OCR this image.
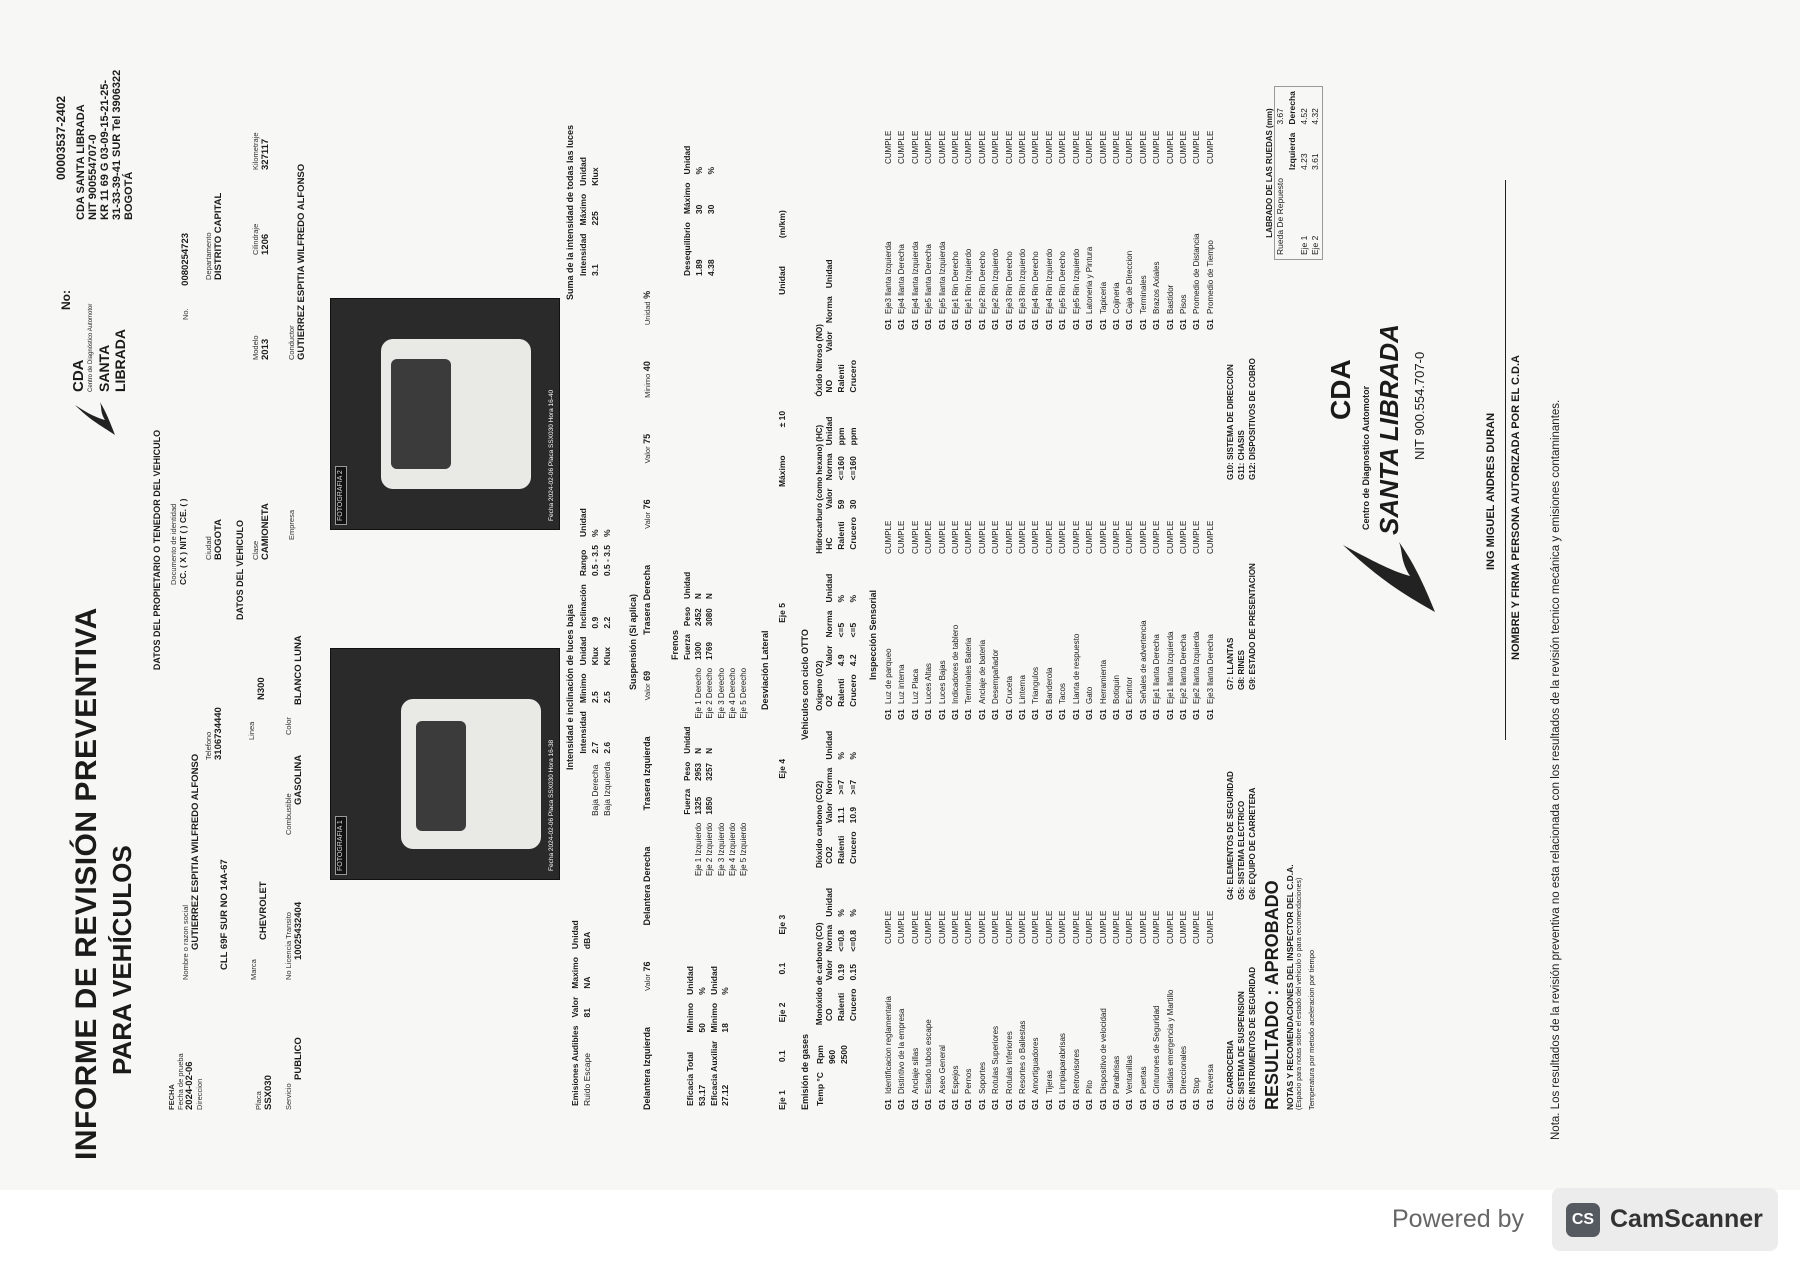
INFORME DE REVISIÓN PREVENTIVA PARA VEHÍCULOS
CDA Centro de Diagnóstico Automotor SANTA LIBRADA
No:
00003537-2402 CDA SANTA LIBRADA NIT 900554707-0 KR 11 69 G 03-09-15-21-25- 31-33-39-41 SUR Tel 3906322 BOGOTÁ
DATOS DEL PROPIETARIO O TENEDOR DEL VEHICULO
FECHA Fecha de prueba 2024-02-06 Direccion
Nombre o razon social GUTIERREZ ESPITIA WILFREDO ALFONSO CLL 69F SUR NO 14A-67
Telefono 3106734440
Documento de identidad CC. ( X ) NIT ( ) CE. ( ) Ciudad BOGOTA
No. 0080254723 Departamento DISTRITO CAPITAL
DATOS DEL VEHICULO
Placa SSX030
Marca
CHEVROLET
Linea
N300
Clase CAMIONETA
Modelo 2013
Cilindraje 1206
Kilometraje 327117
Servicio
PUBLICO
No Licencia Transito 10025432404
Combustible
GASOLINA
Color
BLANCO LUNA
Empresa
Conductor GUTIERREZ ESPITIA WILFREDO ALFONSO
FOTOGRAFIA 1	Fecha 2024-02-06 Placa SSX030 Hora 16-38
FOTOGRAFIA 2	Fecha 2024-02-06 Placa SSX030 Hora 16-40
Emisiones Audibles	Valor	Maximo	Unidad
Ruido Escape	81	NA	dBA
Intensidad e inclinación de luces bajas
	Intensidad	Minimo	Unidad	Inclinación	Rango	Unidad
Baja Derecha	2.7	2.5	Klux	0.9	0.5 - 3.5	%
Baja Izquierda	2.6	2.5	Klux	2.2	0.5 - 3.5	%
Suma de la intensidad de todas las luces Intensidad	Máximo	Unidad
3.1	225	Klux
Suspensión (Si aplica)
Delantera Izquierda
Valor 76
Delantera Derecha
Trasera Izquierda
Valor 69
Trasera Derecha
Valor 76
Valor 75
Minimo 40
Unidad %
Frenos
Eficacia Total	Minimo	Unidad
53.17	50	%
Eficacia Auxiliar	Minimo	Unidad
27.12	18	%
	Fuerza	Peso	Unidad		Fuerza	Peso	Unidad
Eje 1 Izquierdo	1325	2953	N	Eje 1 Derecho	1300	2452	N
Eje 2 Izquierdo	1850	3257	N	Eje 2 Derecho	1769	3080	N
Eje 3 Izquierdo				Eje 3 Derecho			
Eje 4 Izquierdo				Eje 4 Derecho			
Eje 5 Izquierdo				Eje 5 Derecho			
Desequilibrio	Máximo	Unidad
1.89	30	%
4.38	30	%
Desviación Lateral
Eje 1
0.1
Eje 2
0.1
Eje 3
Eje 4
Eje 5
Máximo
± 10
Unidad
(m/km)
Emisión de gases
Vehiculos con ciclo OTTO
Temp °C	Rpm
	960
	2500
Monóxido de carbono (CO) CO	Valor	Norma	Unidad
Ralenti	0.19	<=0.8	%
Crucero	0.15	<=0.8	%
Dióxido carbono (CO2) CO2	Valor	Norma	Unidad
Ralenti	11.1	>=7	%
Crucero	10.9	>=7	%
Oxigeno (O2) O2	Valor	Norma	Unidad
Ralenti	4.9	<=5	%
Crucero	4.2	<=5	%
Hidrocarburo (como hexano) (HC) HC	Valor	Norma	Unidad
Ralenti	59	<=160	ppm
Crucero	30	<=160	ppm
Óxido Nitroso (NO) NO	Valor	Norma	Unidad
Ralenti			
Crucero			
Inspección Sensorial
G1
Identificacion reglamentaria
CUMPLE
G1
Distintivo de la empresa
CUMPLE
G1
Anclaje sillas
CUMPLE
G1
Estado tubos escape
CUMPLE
G1
Aseo General
CUMPLE
G1
Espejos
CUMPLE
G1
Pernos
CUMPLE
G1
Soportes
CUMPLE
G1
Rotulas Superiores
CUMPLE
G1
Rotulas Inferiores
CUMPLE
G1
Resortes o Ballestas
CUMPLE
G1
Amortiguadores
CUMPLE
G1
Tijeras
CUMPLE
G1
Limpiaparabrisas
CUMPLE
G1
Retrovisores
CUMPLE
G1
Pito
CUMPLE
G1
Dispositivo de velocidad
CUMPLE
G1
Parabrisas
CUMPLE
G1
Ventanillas
CUMPLE
G1
Puertas
CUMPLE
G1
Cinturones de Seguridad
CUMPLE
G1
Salidas emergencia y Martillo
CUMPLE
G1
Direccionales
CUMPLE
G1
Stop
CUMPLE
G1
Reversa
CUMPLE
G1
Luz de parqueo
CUMPLE
G1
Luz interna
CUMPLE
G1
Luz Placa
CUMPLE
G1
Luces Altas
CUMPLE
G1
Luces Bajas
CUMPLE
G1
Indicadores de tablero
CUMPLE
G1
Terminales Bateria
CUMPLE
G1
Anclaje de bateria
CUMPLE
G1
Desempañador
CUMPLE
G1
Cruceta
CUMPLE
G1
Linterna
CUMPLE
G1
Triangulos
CUMPLE
G1
Banderola
CUMPLE
G1
Tacos
CUMPLE
G1
Llanta de respuesto
CUMPLE
G1
Gato
CUMPLE
G1
Herramienta
CUMPLE
G1
Botiquin
CUMPLE
G1
Extintor
CUMPLE
G1
Señales de advertencia
CUMPLE
G1
Eje1 llanta Derecha
CUMPLE
G1
Eje1 llanta Izquierda
CUMPLE
G1
Eje2 llanta Derecha
CUMPLE
G1
Eje2 llanta Izquierda
CUMPLE
G1
Eje3 llanta Derecha
CUMPLE
G1
Eje3 llanta Izquierda
CUMPLE
G1
Eje4 llanta Derecha
CUMPLE
G1
Eje4 llanta Izquierda
CUMPLE
G1
Eje5 llanta Derecha
CUMPLE
G1
Eje5 llanta Izquierda
CUMPLE
G1
Eje1 Rin Derecho
CUMPLE
G1
Eje1 Rin Izquierdo
CUMPLE
G1
Eje2 Rin Derecho
CUMPLE
G1
Eje2 Rin Izquierdo
CUMPLE
G1
Eje3 Rin Derecho
CUMPLE
G1
Eje3 Rin Izquierdo
CUMPLE
G1
Eje4 Rin Derecho
CUMPLE
G1
Eje4 Rin Izquierdo
CUMPLE
G1
Eje5 Rin Derecho
CUMPLE
G1
Eje5 Rin Izquierdo
CUMPLE
G1
Latoneria y Pintura
CUMPLE
G1
Tapiceria
CUMPLE
G1
Cojineria
CUMPLE
G1
Caja de Direccion
CUMPLE
G1
Terminales
CUMPLE
G1
Brazos Axiales
CUMPLE
G1
Bastidor
CUMPLE
G1
Pisos
CUMPLE
G1
Promedio de Distancia
CUMPLE
G1
Promedio de Tiempo
CUMPLE
G1: CARROCERIA
G4: ELEMENTOS DE SEGURIDAD
G7: LLANTAS
G10: SISTEMA DE DIRECCION
G2: SISTEMA DE SUSPENSION
G5: SISTEMA ELECTRICO
G8: RINES
G11: CHASIS
G3: INSTRUMENTOS DE SEGURIDAD
G6: EQUIPO DE CARRETERA
G9: ESTADO DE PRESENTACION
G12: DISPOSITIVOS DE COBRO
RESULTADO : APROBADO NOTAS Y RECOMENDACIONES DEL INSPECTOR DEL C.D.A. (Espacio para notas sobre el estado del vehiculo o para recomendaciones) Temperatura por metodo aceleracion por tiempo
LABRADO DE LAS RUEDAS (mm) Rueda De Repuesto		3.67
	Izquierda	Derecha
Eje 1	4.23	4.52
Eje 2	3.61	4.32
CDA Centro de Diagnostico Automotor SANTA LIBRADA NIT 900.554.707-0
ING MIGUEL ANDRES DURAN NOMBRE Y FIRMA PERSONA AUTORIZADA POR EL C.D.A Nota. Los resultados de la revisión preventiva no esta relacionada con los resultados de la revisión tecnico mecánica y emisiones contaminantes.
Powered by	CS CamScanner
